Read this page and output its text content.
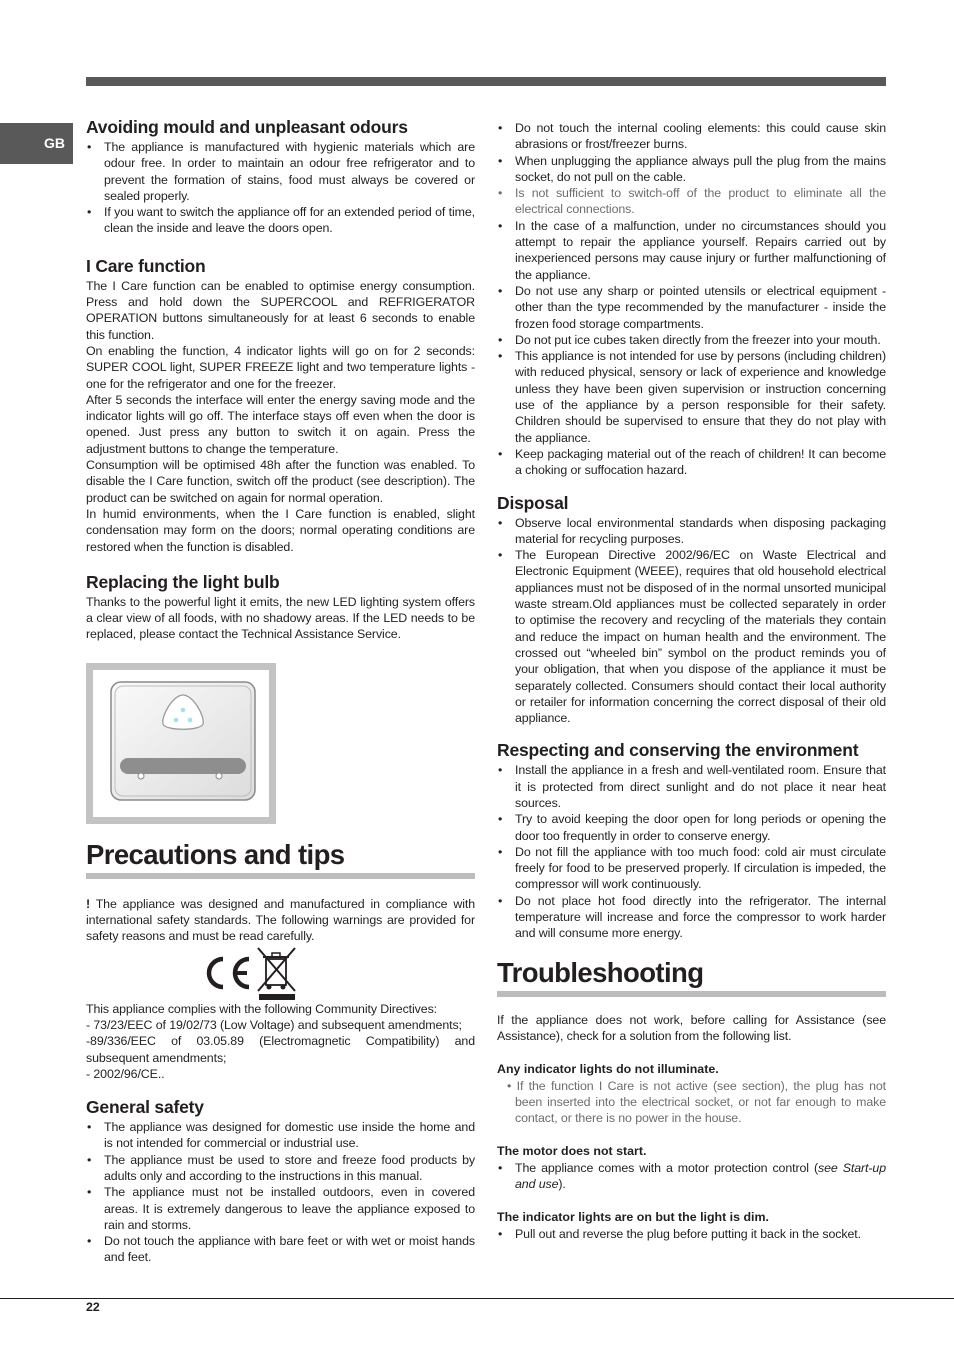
GB
Avoiding mould and unpleasant odours
• The appliance is manufactured with hygienic materials which are odour free. In order to maintain an odour free refrigerator and to prevent the formation of stains, food must always be covered or sealed properly.
• If you want to switch the appliance off for an extended period of time, clean the inside and leave the doors open.
I Care function

The I Care function can be enabled to optimise energy consumption. Press and hold down the SUPERCOOL and REFRIGERATOR OPERATION buttons simultaneously for at least 6 seconds to enable this function.

On enabling the function, 4 indicator lights will go on for 2 seconds: SUPER COOL light, SUPER FREEZE light and two temperature lights - one for the refrigerator and one for the freezer.

After 5 seconds the interface will enter the energy saving mode and the indicator lights will go off. The interface stays off even when the door is opened. Just press any button to switch it on again. Press the adjustment buttons to change the temperature.

Consumption will be optimised 48h after the function was enabled. To disable the I Care function, switch off the product (see description). The product can be switched on again for normal operation.

In humid environments, when the I Care function is enabled, slight condensation may form on the doors; normal operating conditions are restored when the function is disabled.

Replacing the light bulb

Thanks to the powerful light it emits, the new LED lighting system offers a clear view of all foods, with no shadowy areas. If the LED needs to be replaced, please contact the Technical Assistance Service.

Precautions and tips

! The appliance was designed and manufactured in compliance with international safety standards. The following warnings are provided for safety reasons and must be read carefully.

This appliance complies with the following Community Directives:

- 73/23/EEC of 19/02/73 (Low Voltage) and subsequent amendments;

-89/336/EEC of 03.05.89 (Electromagnetic Compatibility) and subsequent amendments;

- 2002/96/CE..

General safety
• The appliance was designed for domestic use inside the home and is not intended for commercial or industrial use.
• The appliance must be used to store and freeze food products by adults only and according to the instructions in this manual.
• The appliance must not be installed outdoors, even in covered areas. It is extremely dangerous to leave the appliance exposed to rain and storms.
• Do not touch the appliance with bare feet or with wet or moist hands and feet.
• Do not touch the internal cooling elements: this could cause skin abrasions or frost/freezer burns.
• When unplugging the appliance always pull the plug from the mains socket, do not pull on the cable.
• Is not sufficient to switch-off of the product to eliminate all the electrical connections.
• In the case of a malfunction, under no circumstances should you attempt to repair the appliance yourself. Repairs carried out by inexperienced persons may cause injury or further malfunctioning of the appliance.
• Do not use any sharp or pointed utensils or electrical equipment - other than the type recommended by the manufacturer - inside the frozen food storage compartments.
• Do not put ice cubes taken directly from the freezer into your mouth.
• This appliance is not intended for use by persons (including children) with reduced physical, sensory or lack of experience and knowledge unless they have been given supervision or instruction concerning use of the appliance by a person responsible for their safety. Children should be supervised to ensure that they do not play with the appliance.
• Keep packaging material out of the reach of children! It can become a choking or suffocation hazard.
Disposal
• Observe local environmental standards when disposing packaging material for recycling purposes.
• The European Directive 2002/96/EC on Waste Electrical and Electronic Equipment (WEEE), requires that old household electrical appliances must not be disposed of in the normal unsorted municipal waste stream.Old appliances must be collected separately in order to optimise the recovery and recycling of the materials they contain and reduce the impact on human health and the environment. The crossed out “wheeled bin” symbol on the product reminds you of your obligation, that when you dispose of the appliance it must be separately collected. Consumers should contact their local authority or retailer for information concerning the correct disposal of their old appliance.
Respecting and conserving the environment
• Install the appliance in a fresh and well-ventilated room. Ensure that it is protected from direct sunlight and do not place it near heat sources.
• Try to avoid keeping the door open for long periods or opening the door too frequently in order to conserve energy.
• Do not fill the appliance with too much food: cold air must circulate freely for food to be preserved properly. If circulation is impeded, the compressor will work continuously.
• Do not place hot food directly into the refrigerator. The internal temperature will increase and force the compressor to work harder and will consume more energy.
Troubleshooting

If the appliance does not work, before calling for Assistance (see Assistance), check for a solution from the following list.

Any indicator lights do not illuminate.

• If the function I Care is not active (see section), the plug has not been inserted into the electrical socket, or not far enough to make contact, or there is no power in the house.

The motor does not start.

• The appliance comes with a motor protection control (see Start-up and use).

The indicator lights are on but the light is dim.

• Pull out and reverse the plug before putting it back in the socket.
22
